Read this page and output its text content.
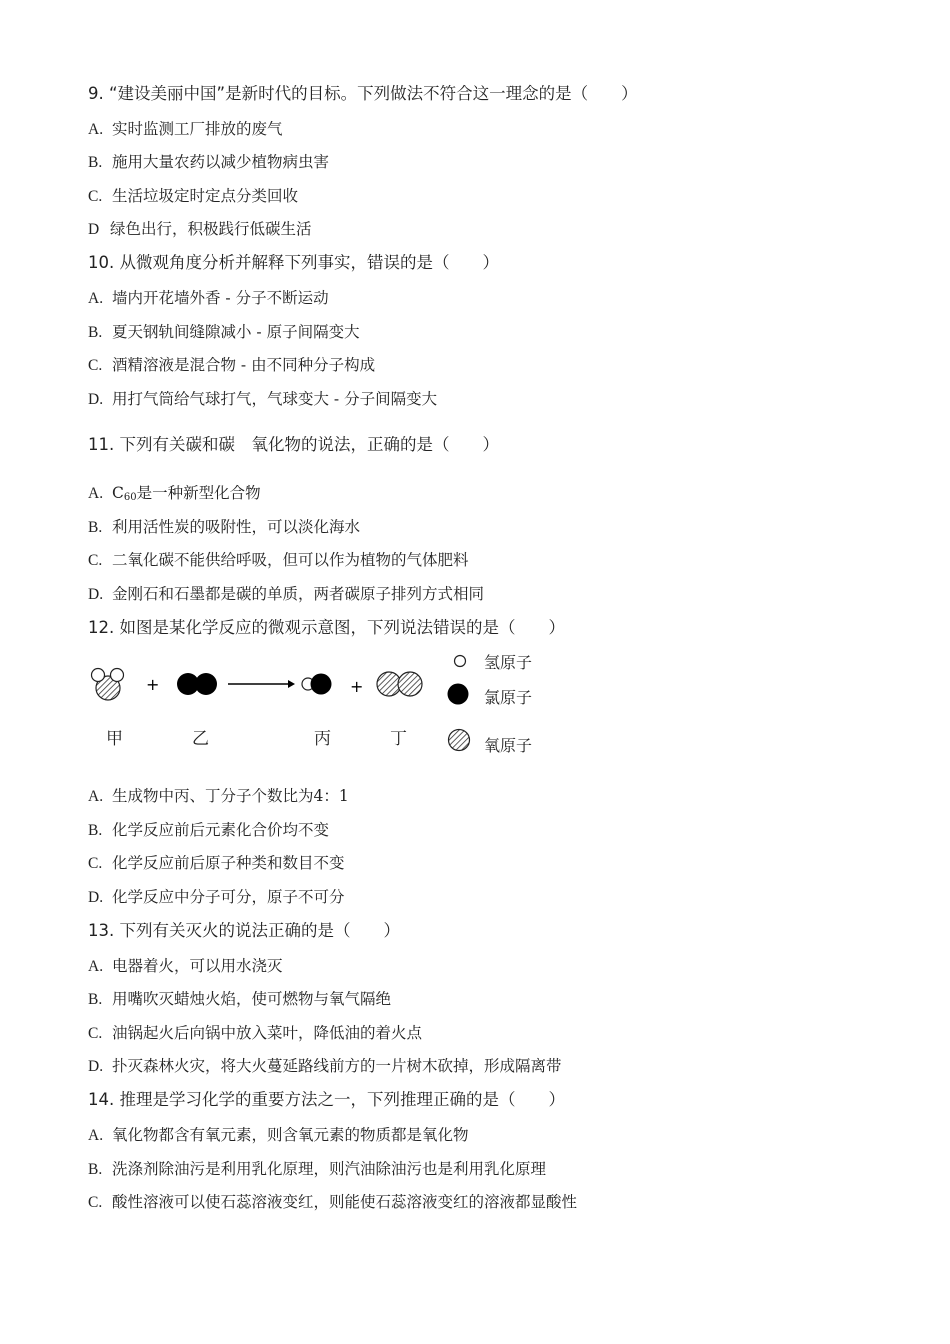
9. “建设美丽中国”是新时代的目标。下列做法不符合这一理念的是（　　）
A. 实时监测工厂排放的废气
B. 施用大量农药以减少植物病虫害
C. 生活垃圾定时定点分类回收
D 绿色出行，积极践行低碳生活
10. 从微观角度分析并解释下列事实，错误的是（　　）
A. 墙内开花墙外香 - 分子不断运动
B. 夏天钢轨间缝隙减小 - 原子间隔变大
C. 酒精溶液是混合物 - 由不同种分子构成
D. 用打气筒给气球打气，气球变大 - 分子间隔变大
11. 下列有关碳和碳　氧化物的说法，正确的是（　　）
A. $C_{60}$是一种新型化合物
B. 利用活性炭的吸附性，可以淡化海水
C. 二氧化碳不能供给呼吸，但可以作为植物的气体肥料
D. 金刚石和石墨都是碳的单质，两者碳原子排列方式相同
12. 如图是某化学反应的微观示意图，下列说法错误的是（　　）
+	+
甲	乙	丙	丁
氢原子
氯原子
氧原子
A. 生成物中丙、丁分子个数比为4：1
B. 化学反应前后元素化合价均不变
C. 化学反应前后原子种类和数目不变
D. 化学反应中分子可分，原子不可分
13. 下列有关灭火的说法正确的是（　　）
A. 电器着火，可以用水浇灭
B. 用嘴吹灭蜡烛火焰，使可燃物与氧气隔绝
C. 油锅起火后向锅中放入菜叶，降低油的着火点
D. 扑灭森林火灾，将大火蔓延路线前方的一片树木砍掉，形成隔离带
14. 推理是学习化学的重要方法之一，下列推理正确的是（　　）
A. 氧化物都含有氧元素，则含氧元素的物质都是氧化物
B. 洗涤剂除油污是利用乳化原理，则汽油除油污也是利用乳化原理
C. 酸性溶液可以使石蕊溶液变红，则能使石蕊溶液变红的溶液都显酸性
